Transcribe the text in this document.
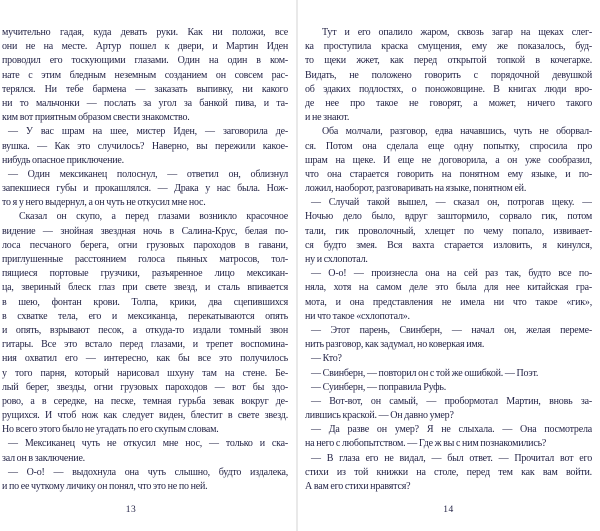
мучительно гадая, куда девать руки. Как ни положи, все
они не на месте. Артур пошел к двери, и Мартин Иден
проводил его тоскующими глазами. Один на один в ком-
нате с этим бледным неземным созданием он совсем рас-
терялся. Ни тебе бармена — заказать выпивку, ни какого
ни то мальчонки — послать за угол за банкой пива, и та-
ким вот приятным образом свести знакомство.
— У вас шрам на шее, мистер Иден, — заговорила де-
вушка. — Как это случилось? Наверно, вы пережили какое-
нибудь опасное приключение.
— Один мексиканец полоснул, — ответил он, облизнул
запекшиеся губы и прокашлялся. — Драка у нас была. Нож-
то я у него выдернул, а он чуть не откусил мне нос.
Сказал он скупо, а перед глазами возникло красочное
видение — знойная звездная ночь в Салина-Крус, белая по-
лоса песчаного берега, огни грузовых пароходов в гавани,
приглушенные расстоянием голоса пьяных матросов, тол-
пящиеся портовые грузчики, разъяренное лицо мексикан-
ца, звериный блеск глаз при свете звезд, и сталь впивается
в шею, фонтан крови. Толпа, крики, два сцепившихся
в схватке тела, его и мексиканца, перекатываются опять
и опять, взрывают песок, а откуда-то издали томный звон
гитары. Все это встало перед глазами, и трепет воспомина-
ния охватил его — интересно, как бы все это получилось
у того парня, который нарисовал шхуну там на стене. Бе-
лый берег, звезды, огни грузовых пароходов — вот бы здо-
рово, а в середке, на песке, темная гурьба зевак вокруг де-
рущихся. И чтоб нож как следует виден, блестит в свете звезд.
Но всего этого было не угадать по его скупым словам.
— Мексиканец чуть не откусил мне нос, — только и ска-
зал он в заключение.
— О-о! — выдохнула она чуть слышно, будто издалека,
и по ее чуткому личику он понял, что это не по ней.
13
Тут и его опалило жаром, сквозь загар на щеках слег-
ка проступила краска смущения, ему же показалось, буд-
то щеки жжет, как перед открытой топкой в кочегарке.
Видать, не положено говорить с порядочной девушкой
об эдаких подлостях, о поножовщине. В книгах люди вро-
де нее про такое не говорят, а может, ничего такого
и не знают.
Оба молчали, разговор, едва начавшись, чуть не оборвал-
ся. Потом она сделала еще одну попытку, спросила про
шрам на щеке. И еще не договорила, а он уже сообразил,
что она старается говорить на понятном ему языке, и по-
ложил, наоборот, разговаривать на языке, понятном ей.
— Случай такой вышел, — сказал он, потрогав щеку. —
Ночью дело было, вдруг заштормило, сорвало гик, потом
тали, гик проволочный, хлещет по чему попало, извивает-
ся будто змея. Вся вахта старается изловить, я кинулся,
ну и схлопотал.
— О-о! — произнесла она на сей раз так, будто все по-
няла, хотя на самом деле это была для нее китайская гра-
мота, и она представления не имела ни что такое «гик»,
ни что такое «схлопотал».
— Этот парень, Свинберн, — начал он, желая переме-
нить разговор, как задумал, но коверкая имя.
— Кто?
— Свинберн, — повторил он с той же ошибкой. — Поэт.
— Суинберн, — поправила Руфь.
— Вот-вот, он самый, — пробормотал Мартин, вновь за-
лившись краской. — Он давно умер?
— Да разве он умер? Я не слыхала. — Она посмотрела
на него с любопытством. — Где ж вы с ним познакомились?
— В глаза его не видал, — был ответ. — Прочитал вот его
стихи из той книжки на столе, перед тем как вам войти.
А вам его стихи нравятся?
14
